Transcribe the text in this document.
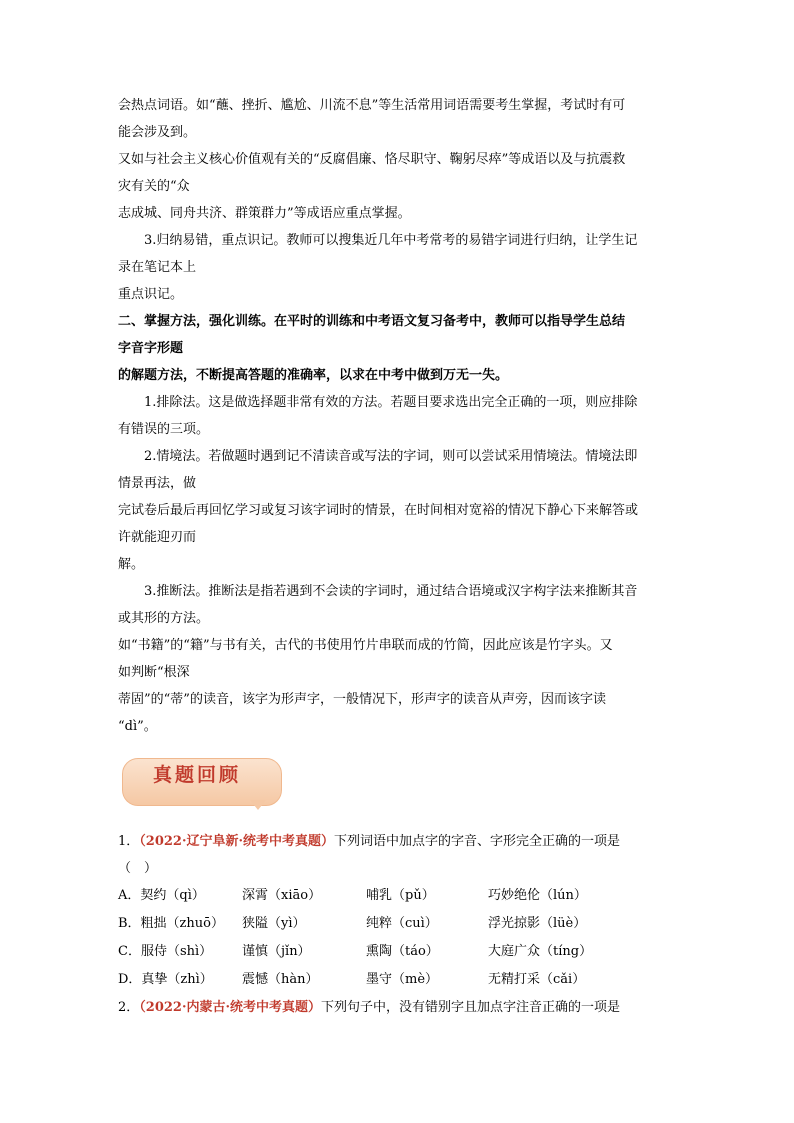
会热点词语。如“蘸、挫折、尴尬、川流不息”等生活常用词语需要考生掌握，考试时有可
能会涉及到。
又如与社会主义核心价值观有关的“反腐倡廉、恪尽职守、鞠躬尽瘁”等成语以及与抗震救
灾有关的“众
志成城、同舟共济、群策群力”等成语应重点掌握。
3.归纳易错，重点识记。教师可以搜集近几年中考常考的易错字词进行归纳，让学生记
录在笔记本上
重点识记。
二、掌握方法，强化训练。在平时的训练和中考语文复习备考中，教师可以指导学生总结
字音字形题
的解题方法，不断提高答题的准确率，以求在中考中做到万无一失。
1.排除法。这是做选择题非常有效的方法。若题目要求选出完全正确的一项，则应排除
有错误的三项。
2.情境法。若做题时遇到记不清读音或写法的字词，则可以尝试采用情境法。情境法即
情景再法，做
完试卷后最后再回忆学习或复习该字词时的情景，在时间相对宽裕的情况下静心下来解答或
许就能迎刃而
解。
3.推断法。推断法是指若遇到不会读的字词时，通过结合语境或汉字构字法来推断其音
或其形的方法。
如“书籍”的“籍”与书有关，古代的书使用竹片串联而成的竹简，因此应该是竹字头。又
如判断“根深
蒂固”的“蒂”的读音，该字为形声字，一般情况下，形声字的读音从声旁，因而该字读
“dì”。
真题回顾
1．（2022·辽宁阜新·统考中考真题）下列词语中加点字的字音、字形完全正确的一项是
（　）
A．契约（qì）	深霄（xiāo）	哺乳（pǔ）	巧妙绝伦（lún）
B．粗拙（zhuō）	狭隘（yì）	纯粹（cuì）	浮光掠影（lüè）
C．服侍（shì）	谨慎（jǐn）	熏陶（táo）	大庭广众（tíng）
D．真挚（zhì）	震憾（hàn）	墨守（mè）	无精打采（cǎi）
2．（2022·内蒙古·统考中考真题）下列句子中，没有错别字且加点字注音正确的一项是
